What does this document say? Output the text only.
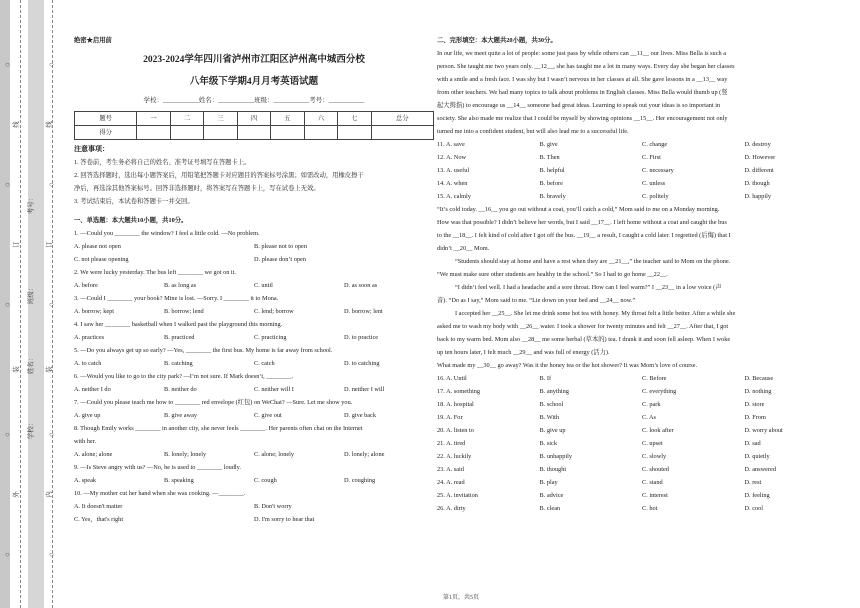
线
订
装
外
线
订
装
内
考号：
班级：
姓名：
学校：
○
○
○
○
○
○
○
○
○
○
绝密★启用前
2023-2024学年四川省泸州市江阳区泸州高中城西分校
八年级下学期4月月考英语试题
学校：___________姓名：___________班级：___________考号：___________
题号	一	二	三	四	五	六	七	总分
得分								
注意事项：
1. 答卷前，考生务必将自己的姓名、准考证号填写在答题卡上。
2. 回答选择题时，选出每小题答案后，用铅笔把答题卡对应题目的答案标号涂黑；如需改动，用橡皮擦干
净后，再选涂其他答案标号。回答非选择题时，将答案写在答题卡上，写在试卷上无效。
3. 考试结束后，本试卷和答题卡一并交回。
一、单选题：本大题共10小题，共10分。
1. —Could you ________ the window? I feel a little cold. —No problem.
A. please not open	B. please not to open
C. not please opening	D. please don’t open
2. We were lucky yesterday. The bus left ________ we got on it.
A. before	B. as long as	C. until	D. as soon as
3. —Could I ________ your book? Mine is lost. —Sorry. I ________ it to Mona.
A. borrow; kept	B. borrow; lend	C. lend; borrow	D. borrow; lent
4. I saw her ________ basketball when I walked past the playground this morning.
A. practices	B. practiced	C. practicing	D. to practice
5. —Do you always get up so early? —Yes, ________ the first bus. My home is far away from school.
A. to catch	B. catching	C. catch	D. to catching
6. —Would you like to go to the city park? —I’m not sure. If Mark doesn’t, ________.
A. neither I do	B. neither do	C. neither will I	D. neither I will
7. —Could you please teach me how to ________ red envelope (红包) on WeChat? —Sure. Let me show you.
A. give up	B. give away	C. give out	D. give back
8. Though Emily works ________ in another city, she never feels ________. Her parents often chat on the Internet
with her.
A. alone; alone	B. lonely; lonely	C. alone; lonely	D. lonely; alone
9. —Is Steve angry with us? —No, he is used to ________ loudly.
A. speak	B. speaking	C. cough	D. coughing
10. —My mother cut her hand when she was cooking. —________.
A. It doesn't matter	B. Don't worry
C. Yes，that's right	D. I'm sorry to hear that
二、完形填空：本大题共20小题，共30分。
In our life, we meet quite a lot of people: some just pass by while others can __11__ our lives. Miss Bella is such a
person. She taught me two years only. __12__, she has taught me a lot in many ways. Every day she began her classes
with a smile and a fresh face. I was shy but I wasn’t nervous in her classes at all. She gave lessons in a __13__ way
from other teachers. We had many topics to talk about problems in English classes. Miss Bella would thumb up (竖
起大拇指) to encourage us __14__ someone had great ideas. Learning to speak out your ideas is so important in
society. She also made me realize that I could be myself by showing opinions __15__. Her encouragement not only
turned me into a confident student, but will also lead me to a successful life.
11. A. save	B. give	C. change	D. destroy
12. A. Now	B. Then	C. First	D. However
13. A. useful	B. helpful	C. necessary	D. different
14. A. when	B. before	C. unless	D. though
15. A. calmly	B. bravely	C. politely	D. happily
“It’s cold today. __16__ you go out without a coat, you’ll catch a cold,” Mom said to me on a Monday morning.
How was that possible? I didn’t believe her words, but I said __17__. I left home without a coat and caught the bus
to the __18__. I felt kind of cold after I got off the bus. __19__ a result, I caught a cold later. I regretted (后悔) that I
didn’t __20__ Mom.
“Students should stay at home and have a rest when they are __21__,” the teacher said to Mom on the phone.
“We must make sure other students are healthy in the school.” So I had to go home __22__.
“I didn’t feel well. I had a headache and a sore throat. How can I feel warm?” I __23__ in a low voice (声
音). “Do as I say,” Mom said to me. “Lie down on your bed and __24__ now.”
I accepted her __25__. She let me drink some hot tea with honey. My throat felt a little better. After a while she
asked me to wash my body with __26__ water. I took a shower for twenty minutes and felt __27__. After that, I got
back to my warm bed. Mom also __28__ me some herbal (草本的) tea. I drank it and soon fell asleep. When I woke
up ten hours later, I felt much __29__ and was full of energy (活力).
What made my __30__ go away? Was it the honey tea or the hot shower? It was Mom’s love of course.
16. A. Until	B. If	C. Before	D. Because
17. A. something	B. anything	C. everything	D. nothing
18. A. hospital	B. school	C. park	D. store
19. A. For	B. With	C. As	D. From
20. A. listen to	B. give up	C. look after	D. worry about
21. A. tired	B. sick	C. upset	D. sad
22. A. luckily	B. unhappily	C. slowly	D. quietly
23. A. said	B. thought	C. shouted	D. answered
24. A. read	B. play	C. stand	D. rest
25. A. invitation	B. advice	C. interest	D. feeling
26. A. dirty	B. clean	C. hot	D. cool
第1页，共5页
